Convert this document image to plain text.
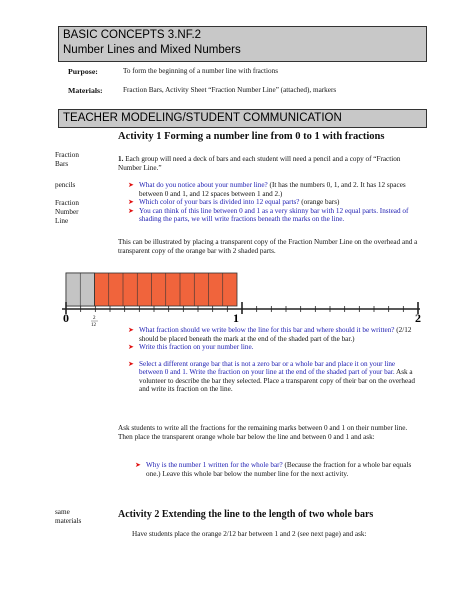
BASIC CONCEPTS 3.NF.2
Number Lines and Mixed Numbers
Purpose:	To form the beginning of a number line with fractions
Materials:	Fraction Bars, Activity Sheet “Fraction Number Line” (attached), markers
TEACHER MODELING/STUDENT COMMUNICATION
Activity 1 Forming a number line from 0 to 1 with fractions
Fraction
Bars
pencils
Fraction
Number
Line
1. Each group will need a deck of bars and each student will need a pencil and a copy of “Fraction Number Line.”
➤ What do you notice about your number line? (It has the numbers 0, 1, and 2. It has 12 spaces between 0 and 1, and 12 spaces between 1 and 2.)
➤ Which color of your bars is divided into 12 equal parts? (orange bars)
➤ You can think of this line between 0 and 1 as a very skinny bar with 12 equal parts. Instead of shading the parts, we will write fractions beneath the marks on the line.
This can be illustrated by placing a transparent copy of the Fraction Number Line on the overhead and a transparent copy of the orange bar with 2 shaded parts.
0	1	2
2
12
➤ What fraction should we write below the line for this bar and where should it be written? (2/12 should be placed beneath the mark at the end of the shaded part of the bar.)
➤ Write this fraction on your number line.
➤ Select a different orange bar that is not a zero bar or a whole bar and place it on your line between 0 and 1. Write the fraction on your line at the end of the shaded part of your bar. Ask a volunteer to describe the bar they selected. Place a transparent copy of their bar on the overhead and write its fraction on the line.
Ask students to write all the fractions for the remaining marks between 0 and 1 on their number line. Then place the transparent orange whole bar below the line and between 0 and 1 and ask:
➤ Why is the number 1 written for the whole bar? (Because the fraction for a whole bar equals one.) Leave this whole bar below the number line for the next activity.
same
materials
Activity 2 Extending the line to the length of two whole bars
Have students place the orange 2/12 bar between 1 and 2 (see next page) and ask:
